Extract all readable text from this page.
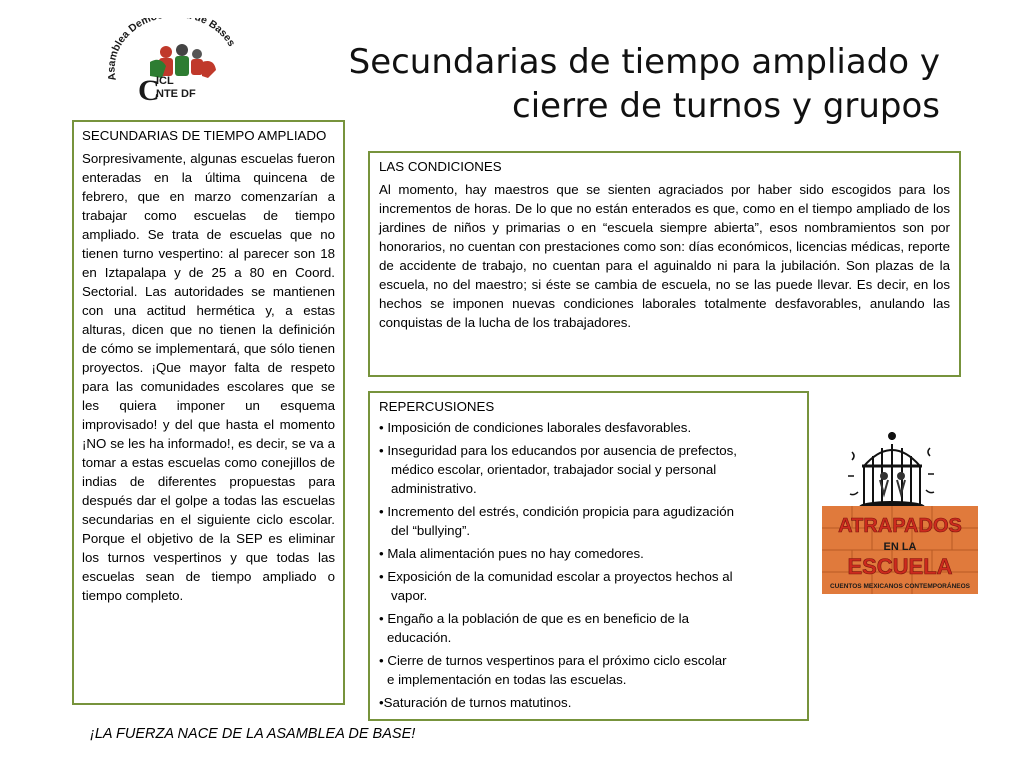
Asamblea Dem e Bases
C
ICL
NTE DF
Secundarias de tiempo ampliado y
cierre de turnos y grupos

SECUNDARIAS DE TIEMPO AMPLIADO

Sorpresivamente, algunas escuelas fueron enteradas en la última quincena de febrero, que en marzo comenzarían a trabajar como escuelas de tiempo ampliado. Se trata de escuelas que no tienen turno vespertino: al parecer son 18 en Iztapalapa y de 25 a 80 en Coord. Sectorial. Las autoridades se mantienen con una actitud hermética y, a estas alturas, dicen que no tienen la definición de cómo se implementará, que sólo tienen proyectos. ¡Que mayor falta de respeto para las comunidades escolares que se les quiera imponer un esquema improvisado! y del que hasta el momento ¡NO se les ha informado!, es decir, se va a tomar a estas escuelas como conejillos de indias de diferentes propuestas para después dar el golpe a todas las escuelas secundarias en el siguiente ciclo escolar. Porque el objetivo de la SEP es eliminar los turnos vespertinos y que todas las escuelas sean de tiempo ampliado o tiempo completo.

LAS CONDICIONES

Al momento, hay maestros que se sienten agraciados por haber sido escogidos para los incrementos de horas. De lo que no están enterados es que, como en el tiempo ampliado de los jardines de niños y primarias o en “escuela siempre abierta”, esos nombramientos son por honorarios, no cuentan con prestaciones como son: días económicos, licencias médicas, reporte de accidente de trabajo, no cuentan para el aguinaldo ni para la jubilación. Son plazas de la escuela, no del maestro; si éste se cambia de escuela, no se las puede llevar. Es decir, en los hechos se imponen nuevas condiciones laborales totalmente desfavorables, anulando las conquistas de la lucha de los trabajadores.

REPERCUSIONES

• Imposición de condiciones laborales desfavorables.
• Inseguridad para los educandos por ausencia de prefectos,
médico escolar, orientador, trabajador social y personal administrativo.
• Incremento del estrés, condición propicia para agudización
del “bullying”.
• Mala alimentación pues no hay comedores.
• Exposición de la comunidad escolar a proyectos hechos al
vapor.
• Engaño a la población de que es en beneficio de la
educación.
• Cierre de turnos vespertinos para el próximo ciclo escolar
e implementación en todas las escuelas.
•Saturación de turnos matutinos.
ATRAPADOS
EN LA
ESCUELA
CUENTOS MEXICANOS CONTEMPORÁNEOS
¡LA FUERZA NACE DE LA ASAMBLEA DE BASE!
